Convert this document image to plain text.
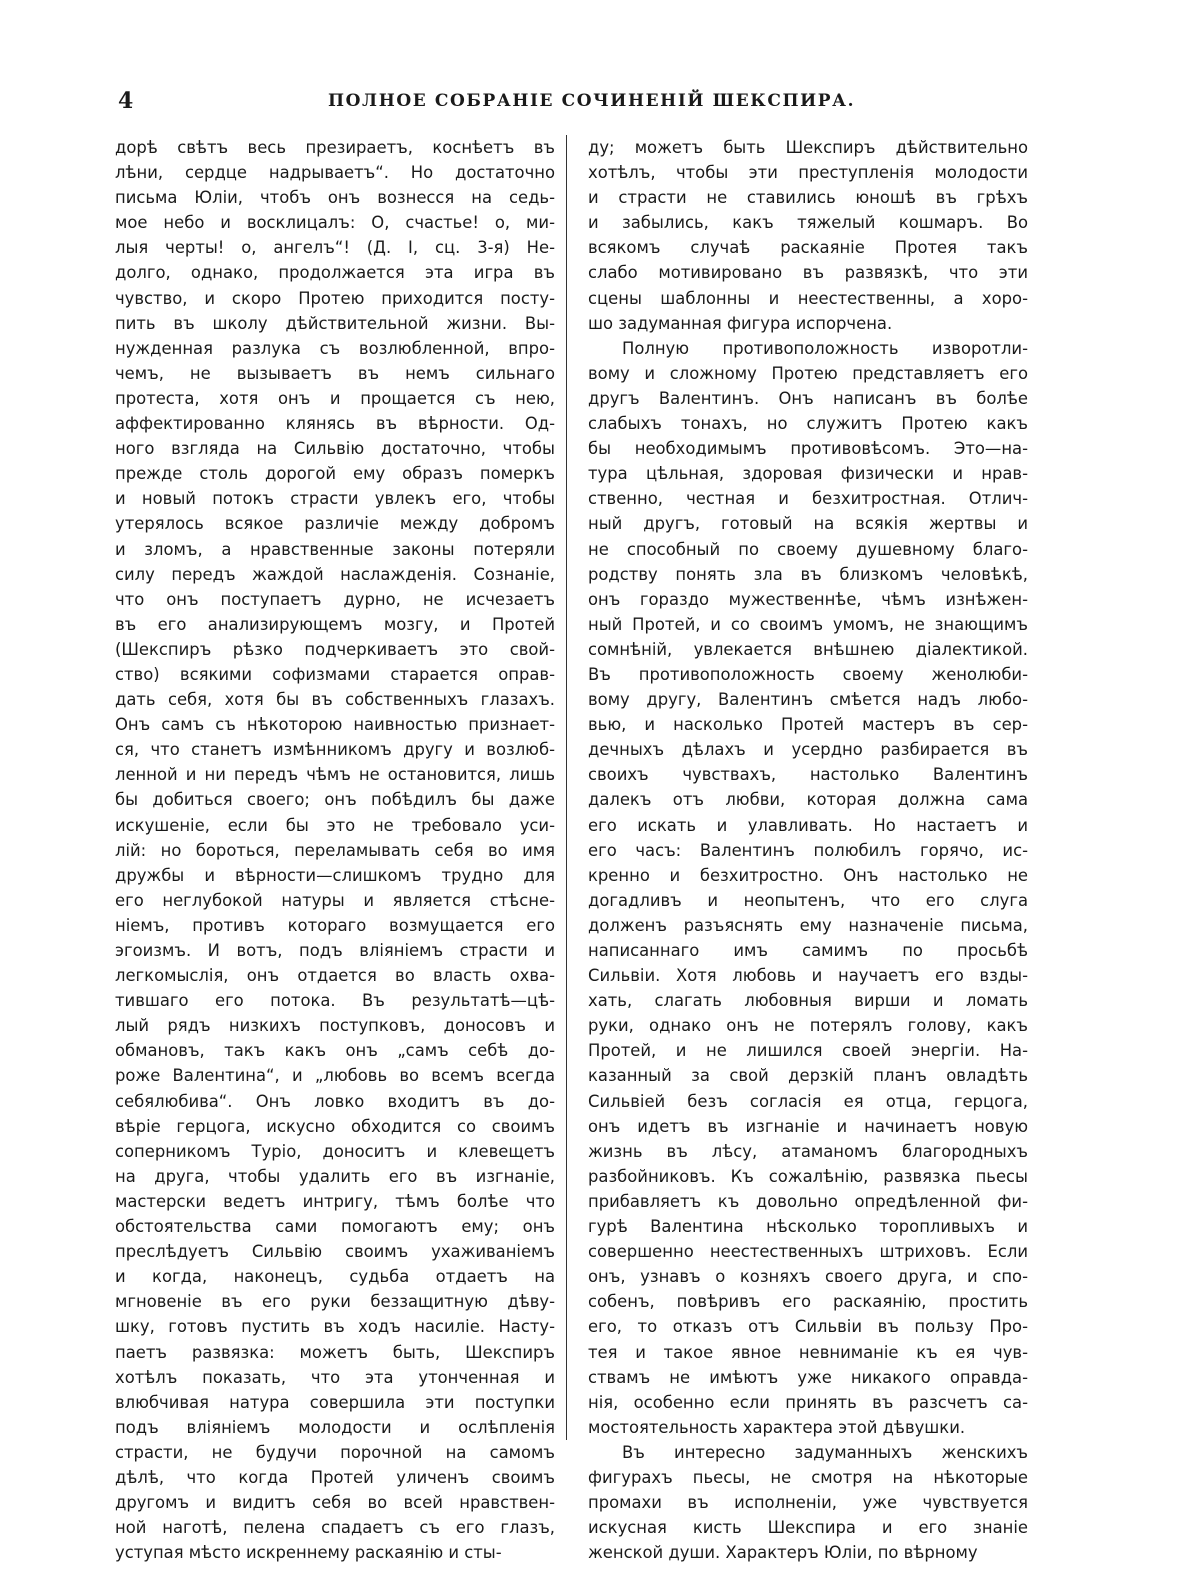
4	ПОЛНОЕ СОБРАНІЕ СОЧИНЕНІЙ ШЕКСПИРА.
дорѣ свѣтъ весь презираетъ, коснѣетъ въ
лѣни, сердце надрываетъ“. Но достаточно
письма Юліи, чтобъ онъ вознесся на седь-
мое небо и восклицалъ: О, счастье! о, ми-
лыя черты! о, ангелъ“! (Д. I, сц. 3-я) Не-
долго, однако, продолжается эта игра въ
чувство, и скоро Протею приходится посту-
пить въ школу дѣйствительной жизни. Вы-
нужденная разлука съ возлюбленной, впро-
чемъ, не вызываетъ въ немъ сильнаго
протеста, хотя онъ и прощается съ нею,
аффектированно клянясь въ вѣрности. Од-
ного взгляда на Сильвію достаточно, чтобы
прежде столь дорогой ему образъ померкъ
и новый потокъ страсти увлекъ его, чтобы
утерялось всякое различіе между добромъ
и зломъ, а нравственные законы потеряли
силу передъ жаждой наслажденія. Сознаніе,
что онъ поступаетъ дурно, не исчезаетъ
въ его анализирующемъ мозгу, и Протей
(Шекспиръ рѣзко подчеркиваетъ это свой-
ство) всякими софизмами старается оправ-
дать себя, хотя бы въ собственныхъ глазахъ.
Онъ самъ съ нѣкоторою наивностью признает-
ся, что станетъ измѣнникомъ другу и возлюб-
ленной и ни передъ чѣмъ не остановится, лишь
бы добиться своего; онъ побѣдилъ бы даже
искушеніе, если бы это не требовало уси-
лій: но бороться, переламывать себя во имя
дружбы и вѣрности—слишкомъ трудно для
его неглубокой натуры и является стѣсне-
ніемъ, противъ котораго возмущается его
эгоизмъ. И вотъ, подъ вліяніемъ страсти и
легкомыслія, онъ отдается во власть охва-
тившаго его потока. Въ результатѣ—цѣ-
лый рядъ низкихъ поступковъ, доносовъ и
обмановъ, такъ какъ онъ „самъ себѣ до-
роже Валентина“, и „любовь во всемъ всегда
себялюбива“. Онъ ловко входитъ въ до-
вѣріе герцога, искусно обходится со своимъ
соперникомъ Туріо, доноситъ и клевещетъ
на друга, чтобы удалить его въ изгнаніе,
мастерски ведетъ интригу, тѣмъ болѣе что
обстоятельства сами помогаютъ ему; онъ
преслѣдуетъ Сильвію своимъ ухаживаніемъ
и когда, наконецъ, судьба отдаетъ на
мгновеніе въ его руки беззащитную дѣву-
шку, готовъ пустить въ ходъ насиліе. Насту-
паетъ развязка: можетъ быть, Шекспиръ
хотѣлъ показать, что эта утонченная и
влюбчивая натура совершила эти поступки
подъ вліяніемъ молодости и ослѣпленія
страсти, не будучи порочной на самомъ
дѣлѣ, что когда Протей уличенъ своимъ
другомъ и видитъ себя во всей нравствен-
ной наготѣ, пелена спадаетъ съ его глазъ,
уступая мѣсто искреннему раскаянію и сты-
ду; можетъ быть Шекспиръ дѣйствительно
хотѣлъ, чтобы эти преступленія молодости
и страсти не ставились юношѣ въ грѣхъ
и забылись, какъ тяжелый кошмаръ. Во
всякомъ случаѣ раскаяніе Протея такъ
слабо мотивировано въ развязкѣ, что эти
сцены шаблонны и неестественны, а хоро-
шо задуманная фигура испорчена.
Полную противоположность изворотли-
вому и сложному Протею представляетъ его
другъ Валентинъ. Онъ написанъ въ болѣе
слабыхъ тонахъ, но служитъ Протею какъ
бы необходимымъ противовѣсомъ. Это—на-
тура цѣльная, здоровая физически и нрав-
ственно, честная и безхитростная. Отлич-
ный другъ, готовый на всякія жертвы и
не способный по своему душевному благо-
родству понять зла въ близкомъ человѣкѣ,
онъ гораздо мужественнѣе, чѣмъ изнѣжен-
ный Протей, и со своимъ умомъ, не знающимъ
сомнѣній, увлекается внѣшнею діалектикой.
Въ противоположность своему женолюби-
вому другу, Валентинъ смѣется надъ любо-
вью, и насколько Протей мастеръ въ сер-
дечныхъ дѣлахъ и усердно разбирается въ
своихъ чувствахъ, настолько Валентинъ
далекъ отъ любви, которая должна сама
его искать и улавливать. Но настаетъ и
его часъ: Валентинъ полюбилъ горячо, ис-
кренно и безхитростно. Онъ настолько не
догадливъ и неопытенъ, что его слуга
долженъ разъяснять ему назначеніе письма,
написаннаго имъ самимъ по просьбѣ
Сильвіи. Хотя любовь и научаетъ его взды-
хать, слагать любовныя вирши и ломать
руки, однако онъ не потерялъ голову, какъ
Протей, и не лишился своей энергіи. На-
казанный за свой дерзкій планъ овладѣть
Сильвіей безъ согласія ея отца, герцога,
онъ идетъ въ изгнаніе и начинаетъ новую
жизнь въ лѣсу, атаманомъ благородныхъ
разбойниковъ. Къ сожалѣнію, развязка пьесы
прибавляетъ къ довольно опредѣленной фи-
гурѣ Валентина нѣсколько торопливыхъ и
совершенно неестественныхъ штриховъ. Если
онъ, узнавъ о козняхъ своего друга, и спо-
собенъ, повѣривъ его раскаянію, простить
его, то отказъ отъ Сильвіи въ пользу Про-
тея и такое явное невниманіе къ ея чув-
ствамъ не имѣютъ уже никакого оправда-
нія, особенно если принять въ разсчетъ са-
мостоятельность характера этой дѣвушки.
Въ интересно задуманныхъ женскихъ
фигурахъ пьесы, не смотря на нѣкоторые
промахи въ исполненіи, уже чувствуется
искусная кисть Шекспира и его знаніе
женской души. Характеръ Юліи, по вѣрному
